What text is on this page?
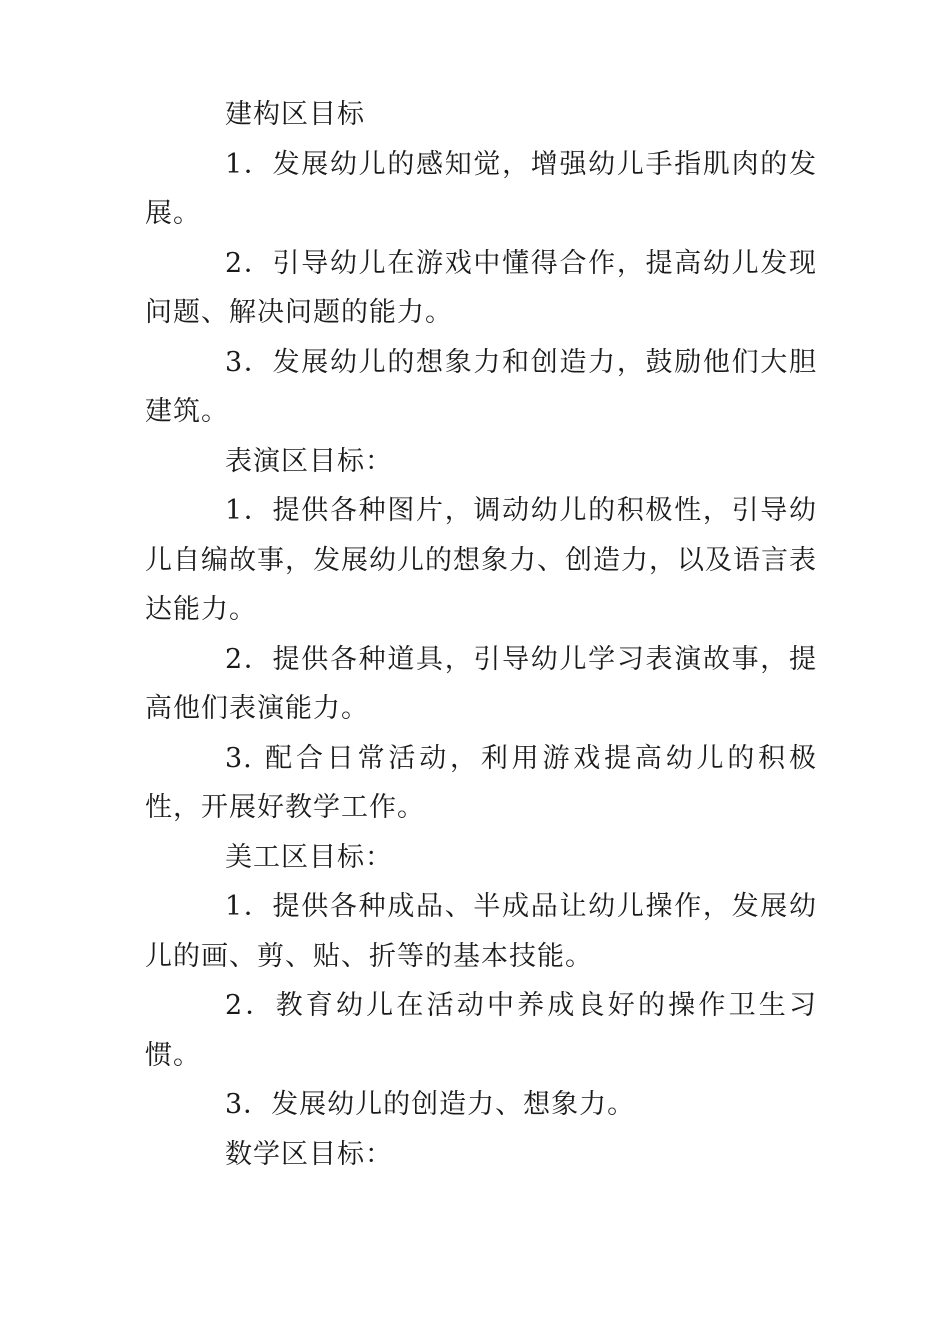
建构区目标

1．发展幼儿的感知觉，增强幼儿手指肌肉的发展。

2．引导幼儿在游戏中懂得合作，提高幼儿发现问题、解决问题的能力。

3．发展幼儿的想象力和创造力，鼓励他们大胆建筑。

表演区目标：

1．提供各种图片，调动幼儿的积极性，引导幼儿自编故事，发展幼儿的想象力、创造力，以及语言表达能力。

2．提供各种道具，引导幼儿学习表演故事，提高他们表演能力。

3. 配合日常活动，利用游戏提高幼儿的积极性，开展好教学工作。

美工区目标：

1．提供各种成品、半成品让幼儿操作，发展幼儿的画、剪、贴、折等的基本技能。

2．教育幼儿在活动中养成良好的操作卫生习惯。

3．发展幼儿的创造力、想象力。

数学区目标：
